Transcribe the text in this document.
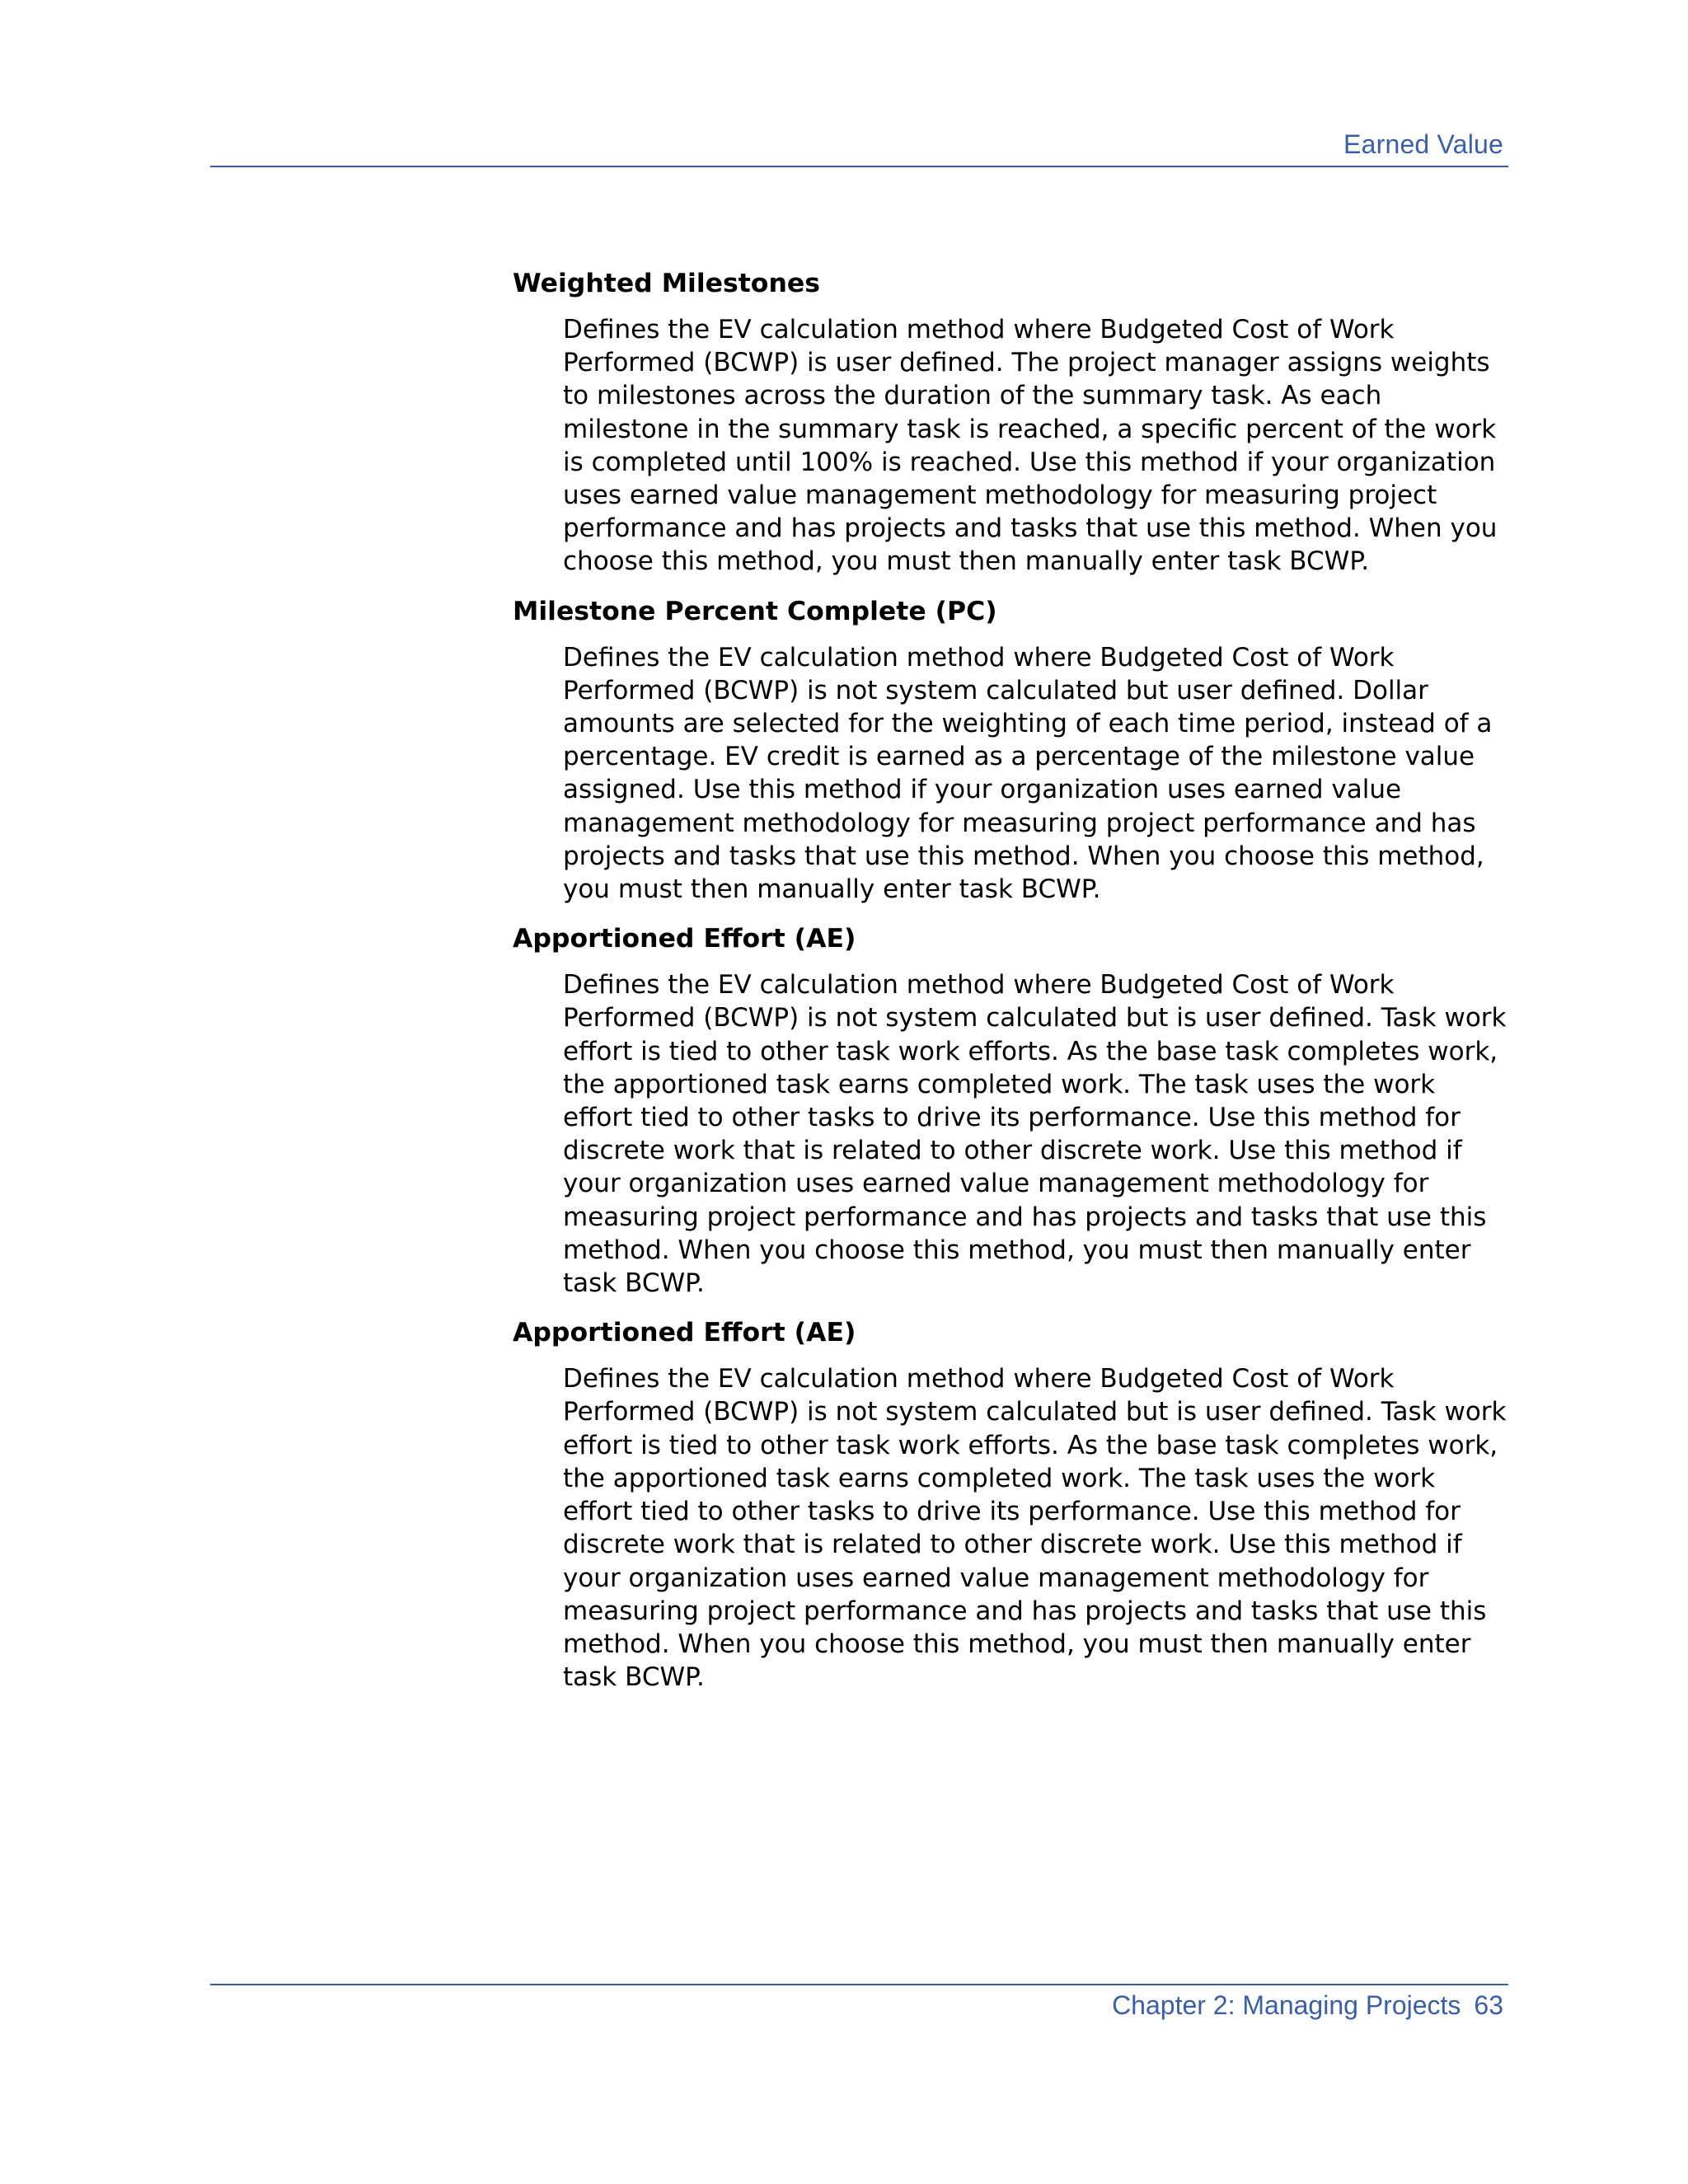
Earned Value
Weighted Milestones
Defines the EV calculation method where Budgeted Cost of Work Performed (BCWP) is user defined. The project manager assigns weights to milestones across the duration of the summary task. As each milestone in the summary task is reached, a specific percent of the work is completed until 100% is reached. Use this method if your organization uses earned value management methodology for measuring project performance and has projects and tasks that use this method. When you choose this method, you must then manually enter task BCWP.
Milestone Percent Complete (PC)
Defines the EV calculation method where Budgeted Cost of Work Performed (BCWP) is not system calculated but user defined. Dollar amounts are selected for the weighting of each time period, instead of a percentage. EV credit is earned as a percentage of the milestone value assigned. Use this method if your organization uses earned value management methodology for measuring project performance and has projects and tasks that use this method. When you choose this method, you must then manually enter task BCWP.
Apportioned Effort (AE)
Defines the EV calculation method where Budgeted Cost of Work Performed (BCWP) is not system calculated but is user defined. Task work effort is tied to other task work efforts. As the base task completes work, the apportioned task earns completed work. The task uses the work effort tied to other tasks to drive its performance. Use this method for discrete work that is related to other discrete work. Use this method if your organization uses earned value management methodology for measuring project performance and has projects and tasks that use this method. When you choose this method, you must then manually enter task BCWP.
Apportioned Effort (AE)
Defines the EV calculation method where Budgeted Cost of Work Performed (BCWP) is not system calculated but is user defined. Task work effort is tied to other task work efforts. As the base task completes work, the apportioned task earns completed work. The task uses the work effort tied to other tasks to drive its performance. Use this method for discrete work that is related to other discrete work. Use this method if your organization uses earned value management methodology for measuring project performance and has projects and tasks that use this method. When you choose this method, you must then manually enter task BCWP.
Chapter 2: Managing Projects 63
